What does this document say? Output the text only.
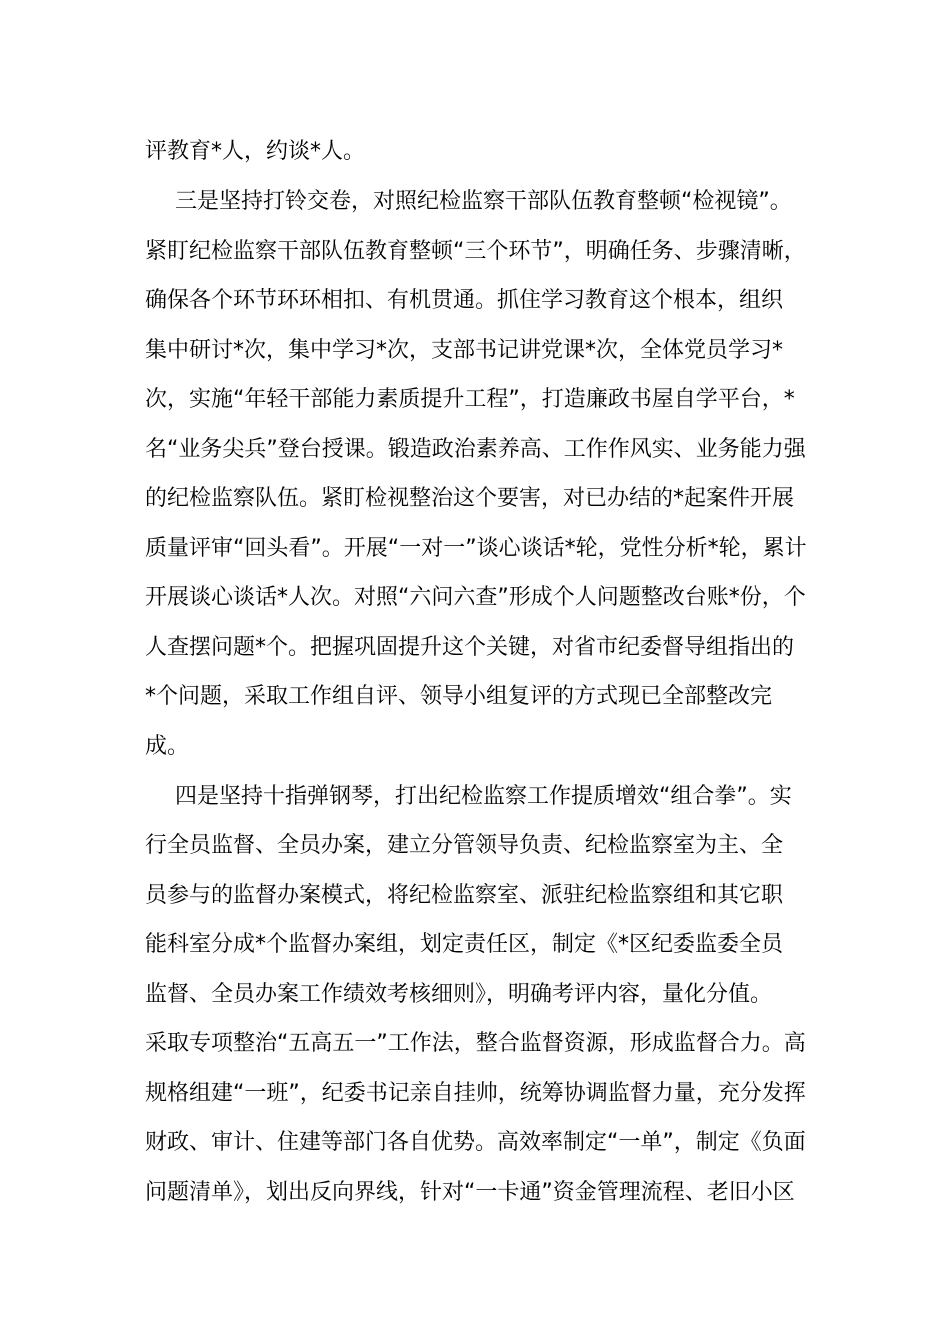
评教育*人，约谈*人。
三是坚持打铃交卷，对照纪检监察干部队伍教育整顿“检视镜”。
紧盯纪检监察干部队伍教育整顿“三个环节”，明确任务、步骤清晰，
确保各个环节环环相扣、有机贯通。抓住学习教育这个根本，组织
集中研讨*次，集中学习*次，支部书记讲党课*次，全体党员学习*
次，实施“年轻干部能力素质提升工程”，打造廉政书屋自学平台，*
名“业务尖兵”登台授课。锻造政治素养高、工作作风实、业务能力强
的纪检监察队伍。紧盯检视整治这个要害，对已办结的*起案件开展
质量评审“回头看”。开展“一对一”谈心谈话*轮，党性分析*轮，累计
开展谈心谈话*人次。对照“六问六查”形成个人问题整改台账*份，个
人查摆问题*个。把握巩固提升这个关键，对省市纪委督导组指出的
*个问题，采取工作组自评、领导小组复评的方式现已全部整改完
成。
四是坚持十指弹钢琴，打出纪检监察工作提质增效“组合拳”。实
行全员监督、全员办案，建立分管领导负责、纪检监察室为主、全
员参与的监督办案模式，将纪检监察室、派驻纪检监察组和其它职
能科室分成*个监督办案组，划定责任区，制定《*区纪委监委全员
监督、全员办案工作绩效考核细则》，明确考评内容，量化分值。
采取专项整治“五高五一”工作法，整合监督资源，形成监督合力。高
规格组建“一班”，纪委书记亲自挂帅，统筹协调监督力量，充分发挥
财政、审计、住建等部门各自优势。高效率制定“一单”，制定《负面
问题清单》，划出反向界线，针对“一卡通”资金管理流程、老旧小区
